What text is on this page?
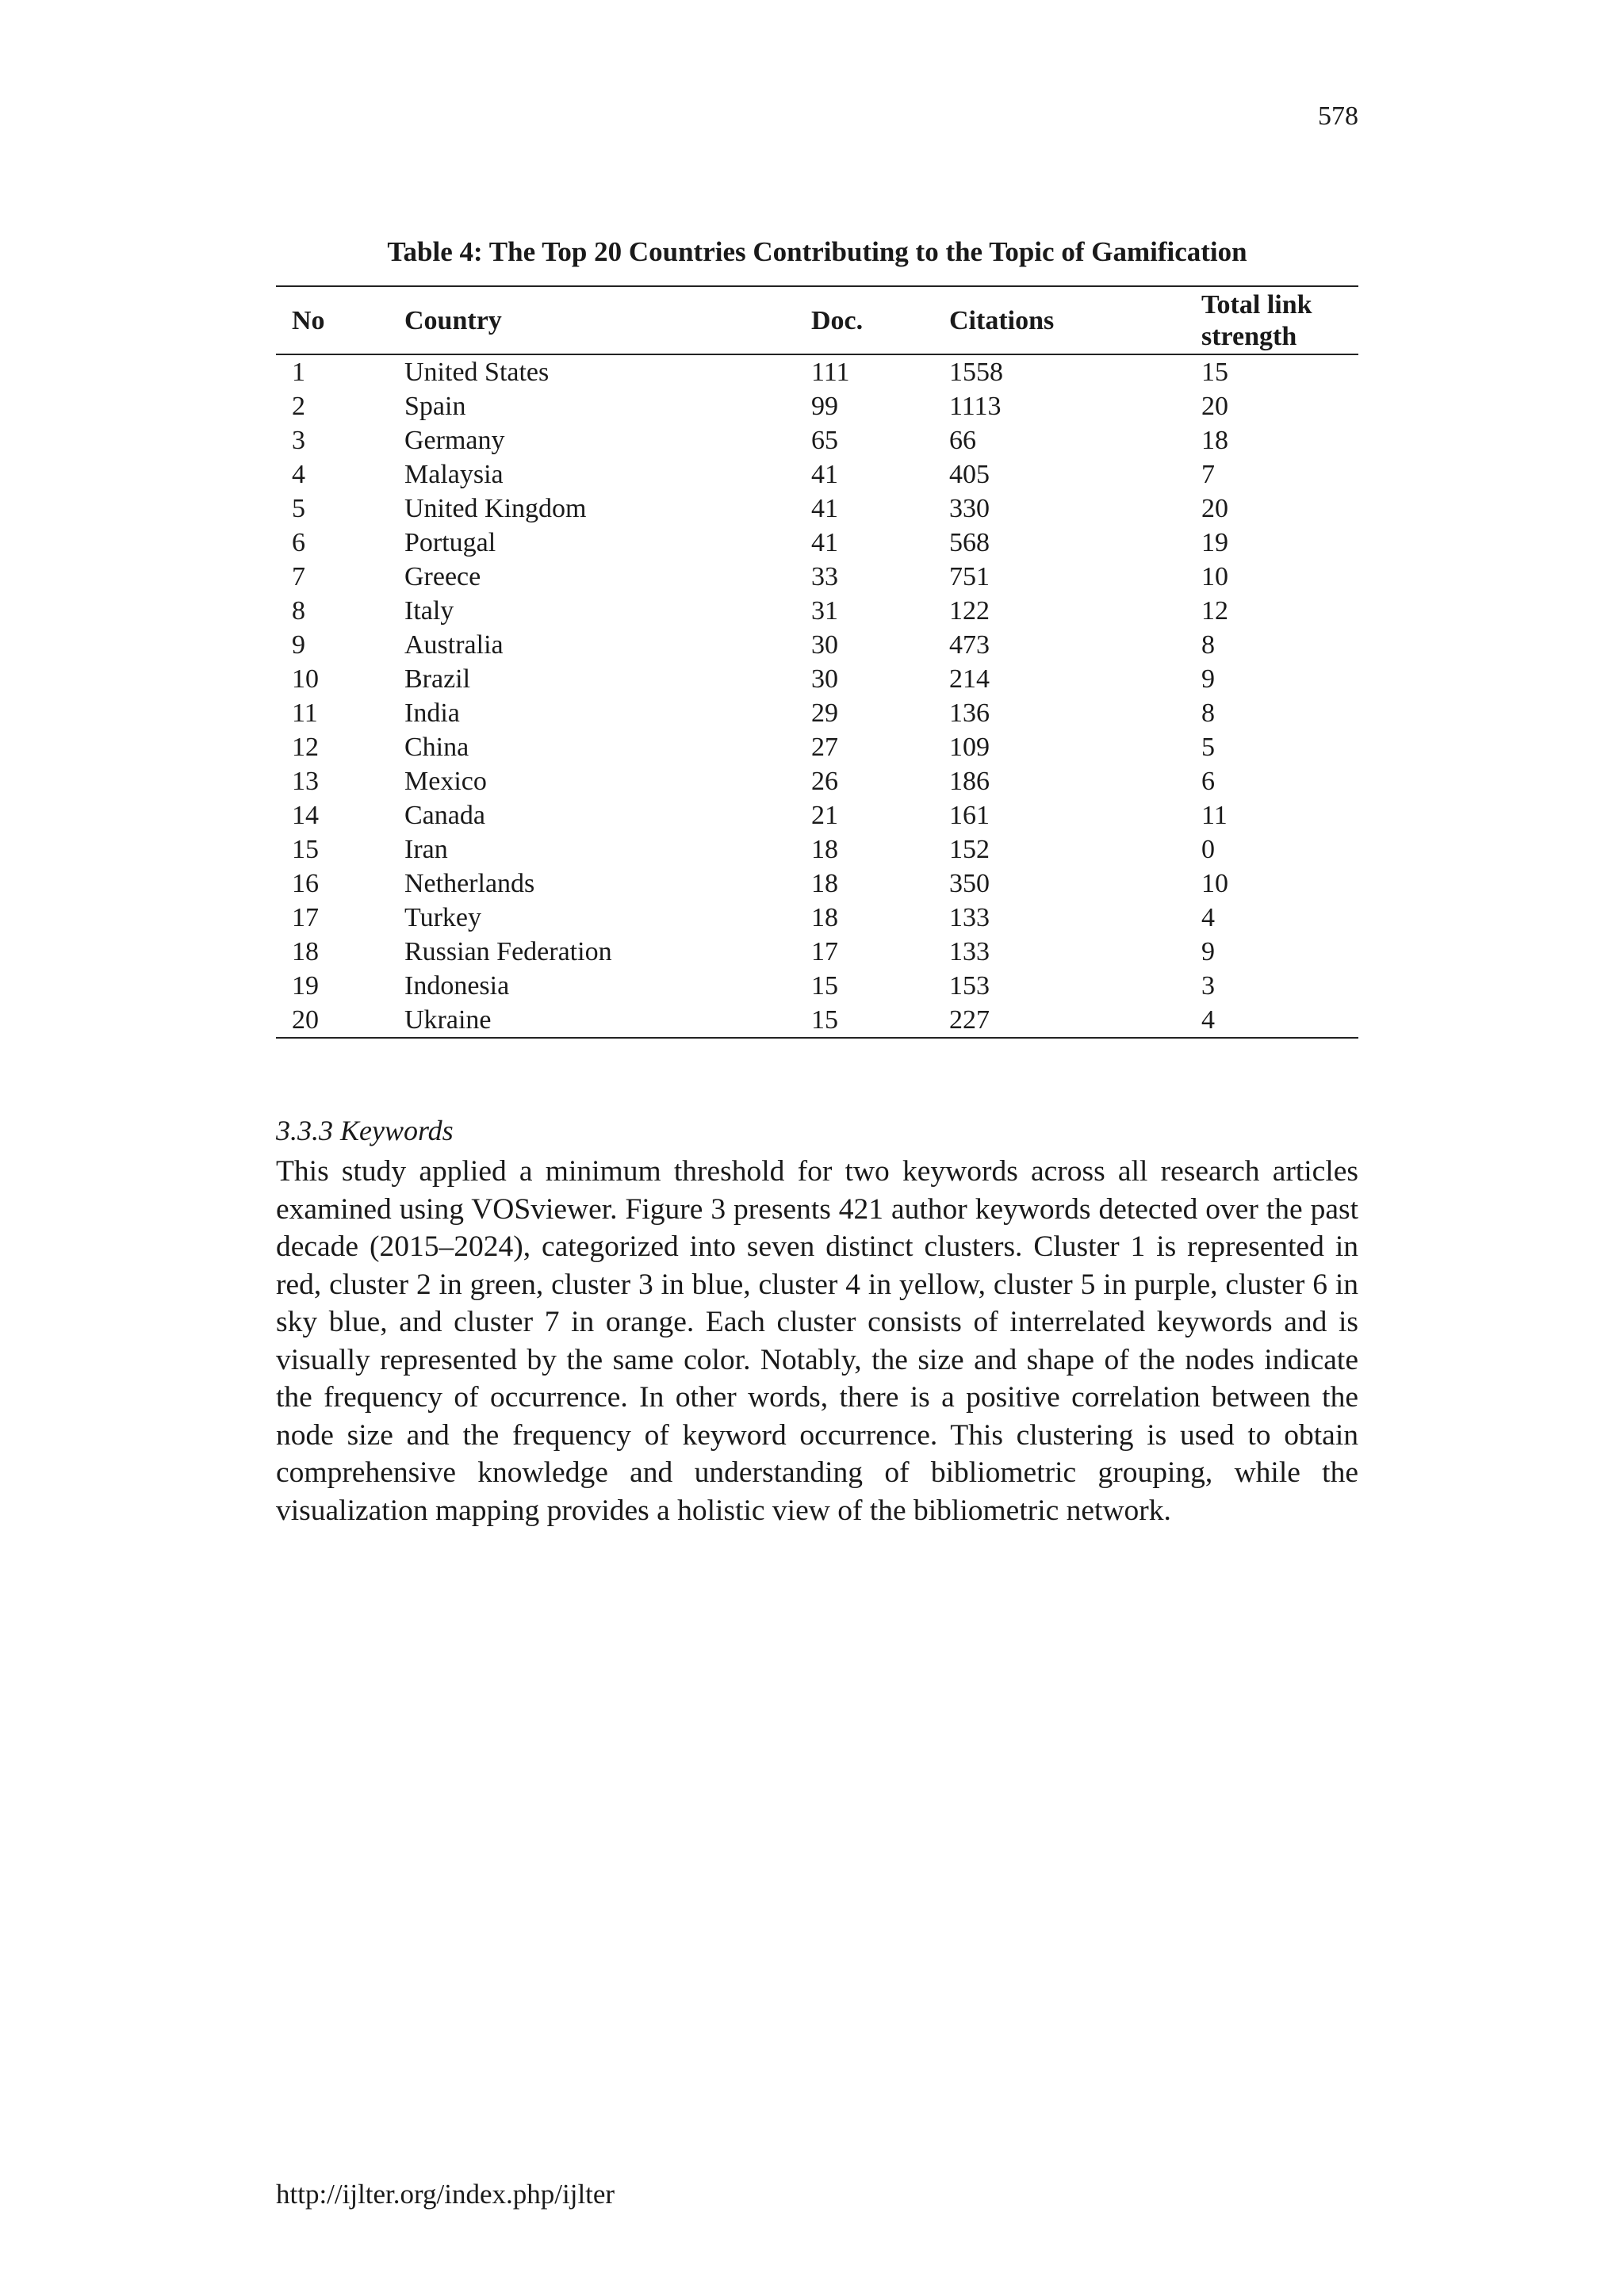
578
Table 4: The Top 20 Countries Contributing to the Topic of Gamification
No	Country	Doc.	Citations	Total link strength
1	United States	111	1558	15
2	Spain	99	1113	20
3	Germany	65	66	18
4	Malaysia	41	405	7
5	United Kingdom	41	330	20
6	Portugal	41	568	19
7	Greece	33	751	10
8	Italy	31	122	12
9	Australia	30	473	8
10	Brazil	30	214	9
11	India	29	136	8
12	China	27	109	5
13	Mexico	26	186	6
14	Canada	21	161	11
15	Iran	18	152	0
16	Netherlands	18	350	10
17	Turkey	18	133	4
18	Russian Federation	17	133	9
19	Indonesia	15	153	3
20	Ukraine	15	227	4
3.3.3 Keywords

This study applied a minimum threshold for two keywords across all research articles examined using VOSviewer. Figure 3 presents 421 author keywords detected over the past decade (2015–2024), categorized into seven distinct clusters. Cluster 1 is represented in red, cluster 2 in green, cluster 3 in blue, cluster 4 in yellow, cluster 5 in purple, cluster 6 in sky blue, and cluster 7 in orange. Each cluster consists of interrelated keywords and is visually represented by the same color. Notably, the size and shape of the nodes indicate the frequency of occurrence. In other words, there is a positive correlation between the node size and the frequency of keyword occurrence. This clustering is used to obtain comprehensive knowledge and understanding of bibliometric grouping, while the visualization mapping provides a holistic view of the bibliometric network.

http://ijlter.org/index.php/ijlter
